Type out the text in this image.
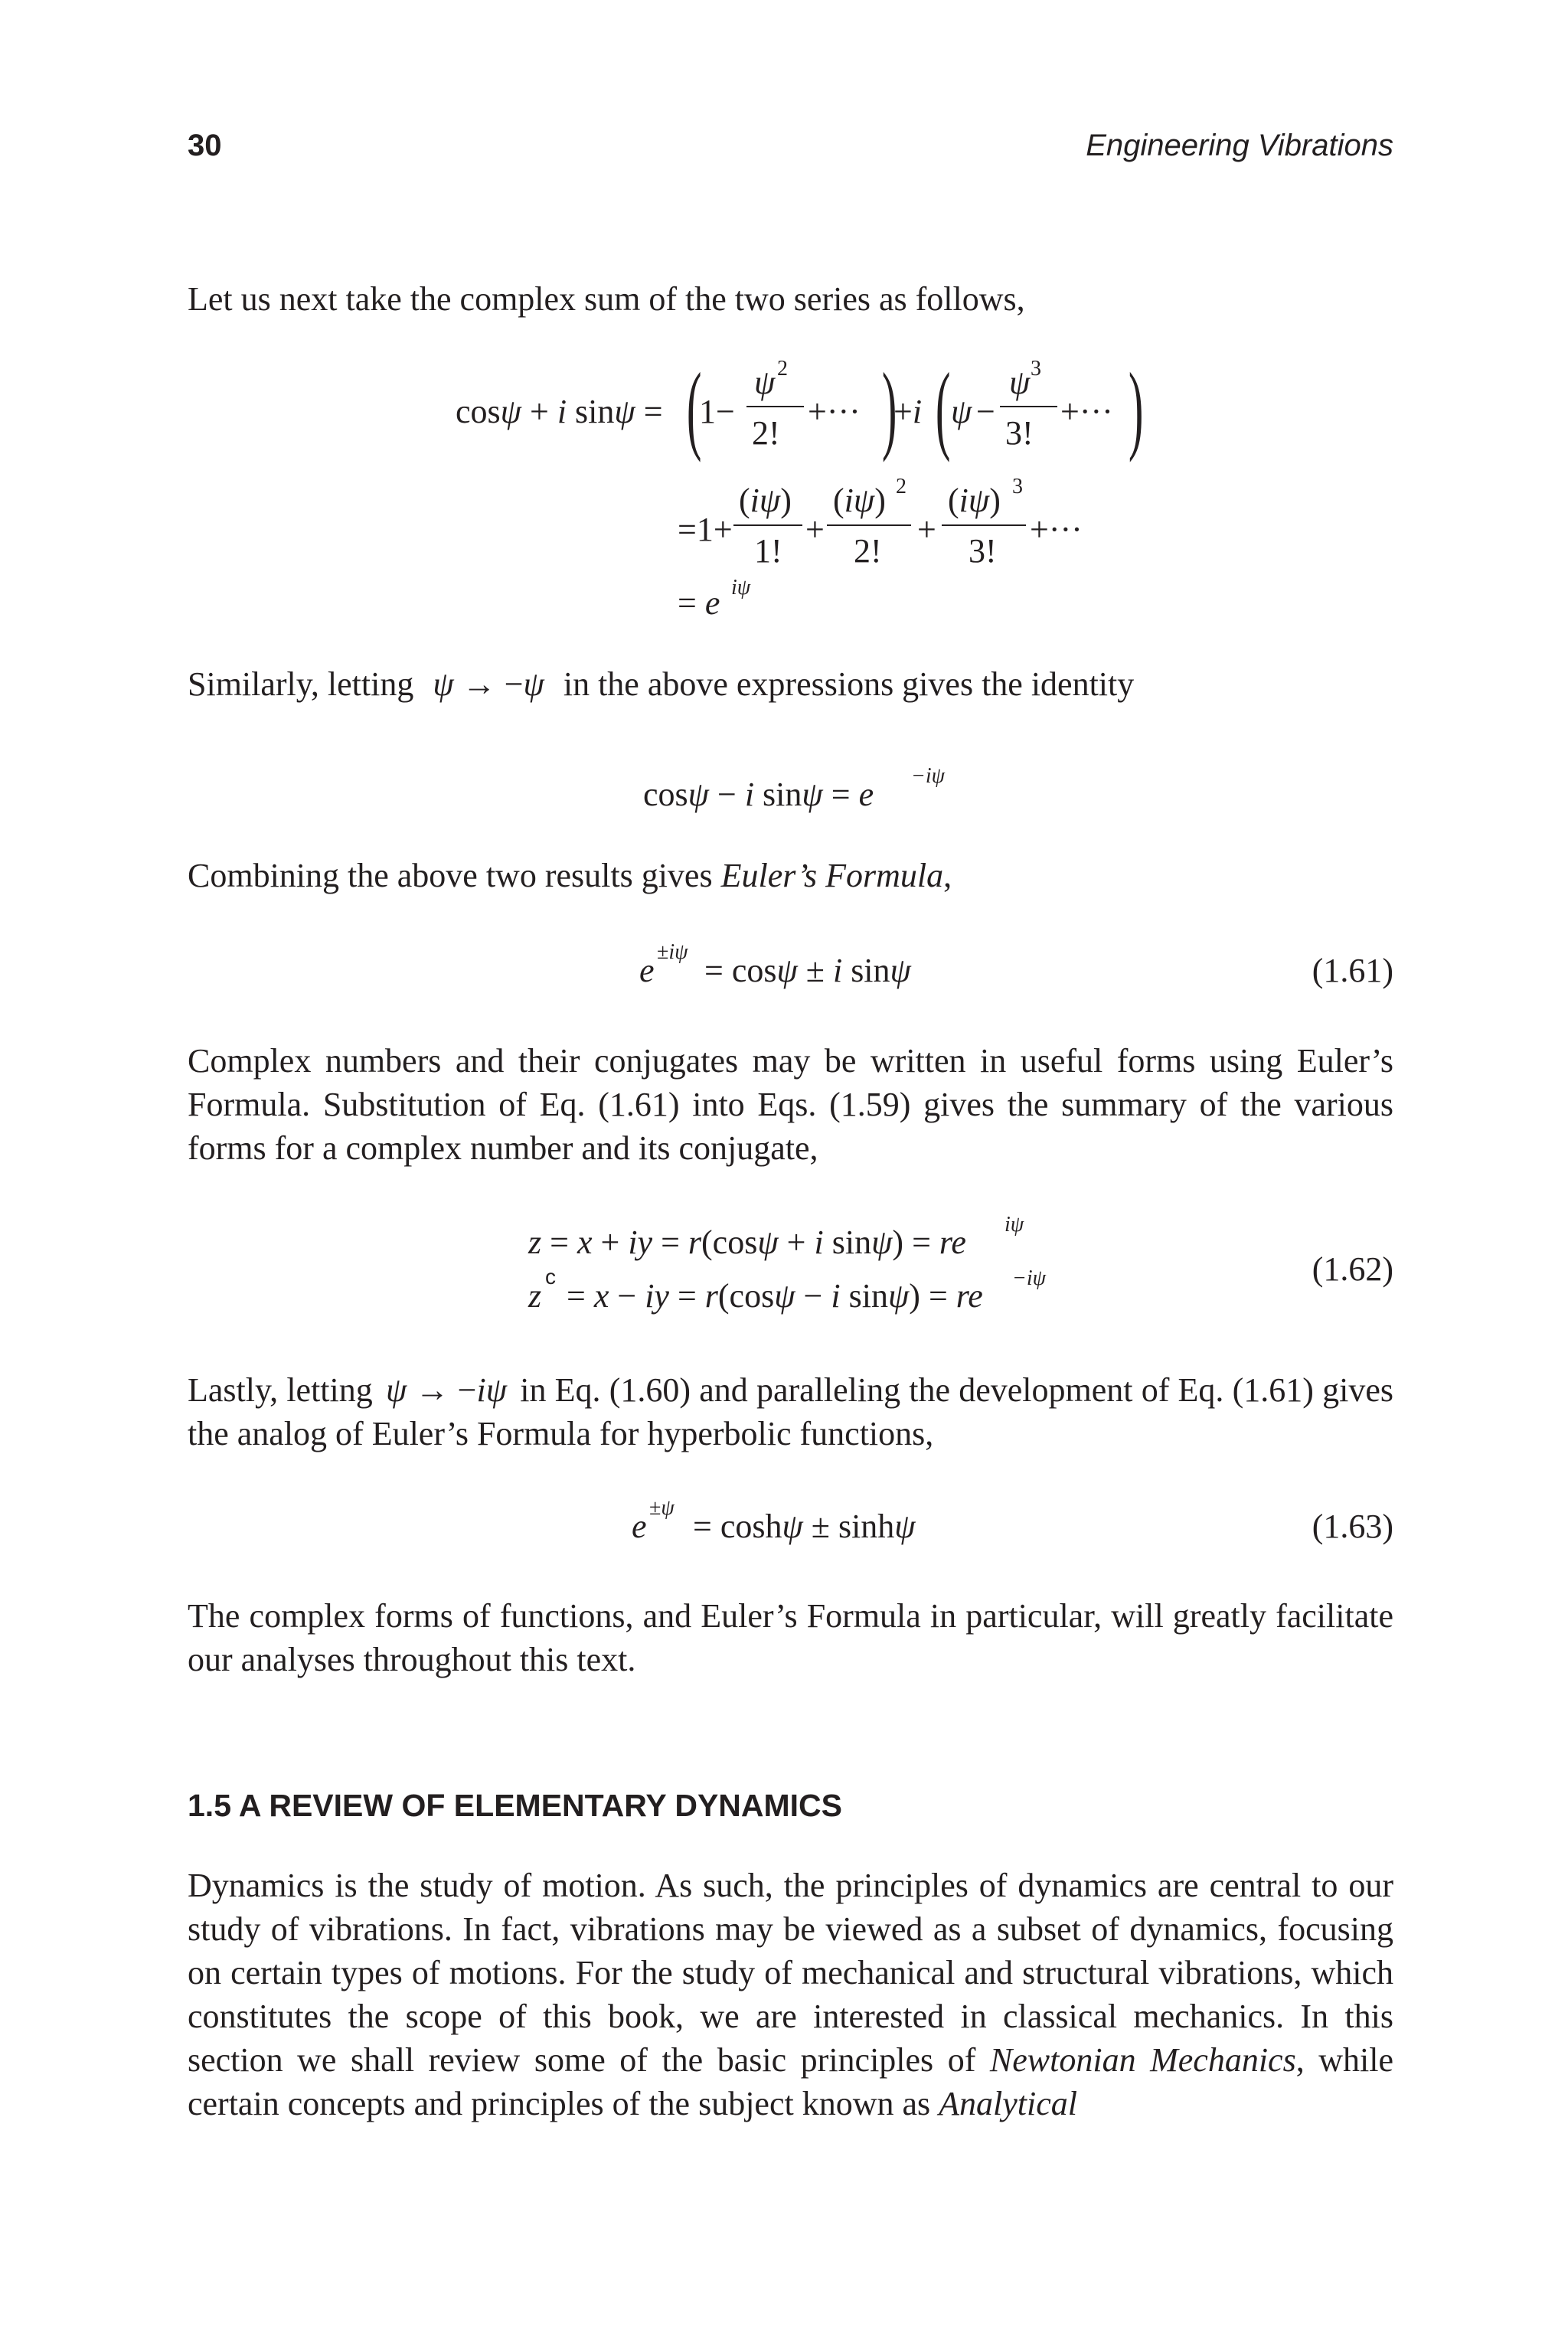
30	Engineering Vibrations

Let us next take the complex sum of the two series as follows,

cosψ + i sinψ = (
1−
ψ 2
2!
+··· )
+i ( ψ −
ψ 3
3!
+··· )
=1+
(iψ)
1!
+
(iψ) 2
2!
+
(iψ) 3
3!
+···
= e iψ
Similarly, letting ψ → −ψ in the above expressions gives the identity
cosψ − i sinψ = e −iψ
Combining the above two results gives Euler’s Formula,
e ±iψ = cosψ ± i sinψ	(1.61)

Complex numbers and their conjugates may be written in useful forms using Euler’s Formula. Substitution of Eq. (1.61) into Eqs. (1.59) gives the summary of the various forms for a complex number and its conjugate,

z = x + iy = r(cosψ + i sinψ) = re iψ
z
c
= x − iy = r(cosψ − i sinψ) = re −iψ	(1.62)

Lastly, letting ψ → −iψ in Eq. (1.60) and paralleling the development of Eq. (1.61) gives the analog of Euler’s Formula for hyperbolic functions,

e ±ψ = coshψ ± sinhψ	(1.63)

The complex forms of functions, and Euler’s Formula in particular, will greatly facilitate our analyses throughout this text.

1.5 A REVIEW OF ELEMENTARY DYNAMICS

Dynamics is the study of motion. As such, the principles of dynamics are central to our study of vibrations. In fact, vibrations may be viewed as a subset of dynamics, focusing on certain types of motions. For the study of mechanical and structural vibrations, which constitutes the scope of this book, we are interested in classical mechanics. In this section we shall review some of the basic principles of Newtonian Mechanics, while certain concepts and principles of the subject known as Analytical
